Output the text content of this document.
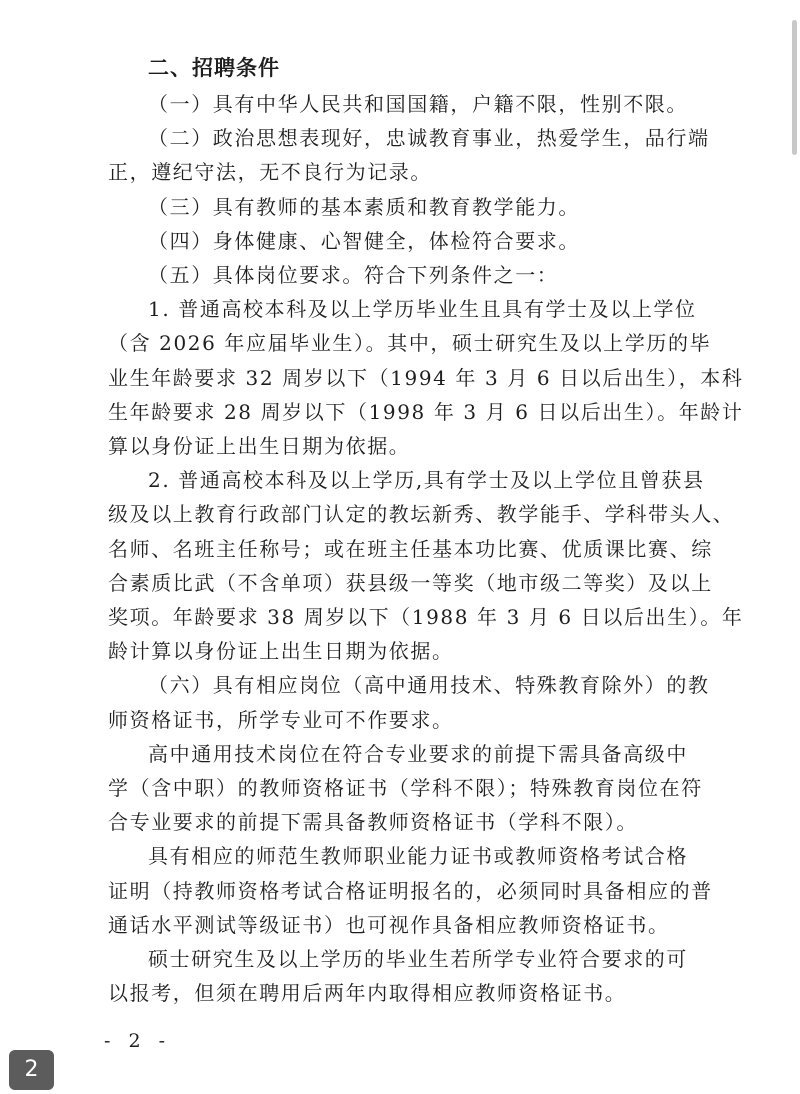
二、招聘条件
（一）具有中华人民共和国国籍，户籍不限，性别不限。
（二）政治思想表现好，忠诚教育事业，热爱学生，品行端
正，遵纪守法，无不良行为记录。
（三）具有教师的基本素质和教育教学能力。
（四）身体健康、心智健全，体检符合要求。
（五）具体岗位要求。符合下列条件之一：
1. 普通高校本科及以上学历毕业生且具有学士及以上学位
（含 2026 年应届毕业生）。其中，硕士研究生及以上学历的毕
业生年龄要求 32 周岁以下（1994 年 3 月 6 日以后出生），本科
生年龄要求 28 周岁以下（1998 年 3 月 6 日以后出生）。年龄计
算以身份证上出生日期为依据。
2. 普通高校本科及以上学历,具有学士及以上学位且曾获县
级及以上教育行政部门认定的教坛新秀、教学能手、学科带头人、
名师、名班主任称号；或在班主任基本功比赛、优质课比赛、综
合素质比武（不含单项）获县级一等奖（地市级二等奖）及以上
奖项。年龄要求 38 周岁以下（1988 年 3 月 6 日以后出生）。年
龄计算以身份证上出生日期为依据。
（六）具有相应岗位（高中通用技术、特殊教育除外）的教
师资格证书，所学专业可不作要求。
高中通用技术岗位在符合专业要求的前提下需具备高级中
学（含中职）的教师资格证书（学科不限）；特殊教育岗位在符
合专业要求的前提下需具备教师资格证书（学科不限）。
具有相应的师范生教师职业能力证书或教师资格考试合格
证明（持教师资格考试合格证明报名的，必须同时具备相应的普
通话水平测试等级证书）也可视作具备相应教师资格证书。
硕士研究生及以上学历的毕业生若所学专业符合要求的可
以报考，但须在聘用后两年内取得相应教师资格证书。
- 2 -
2
